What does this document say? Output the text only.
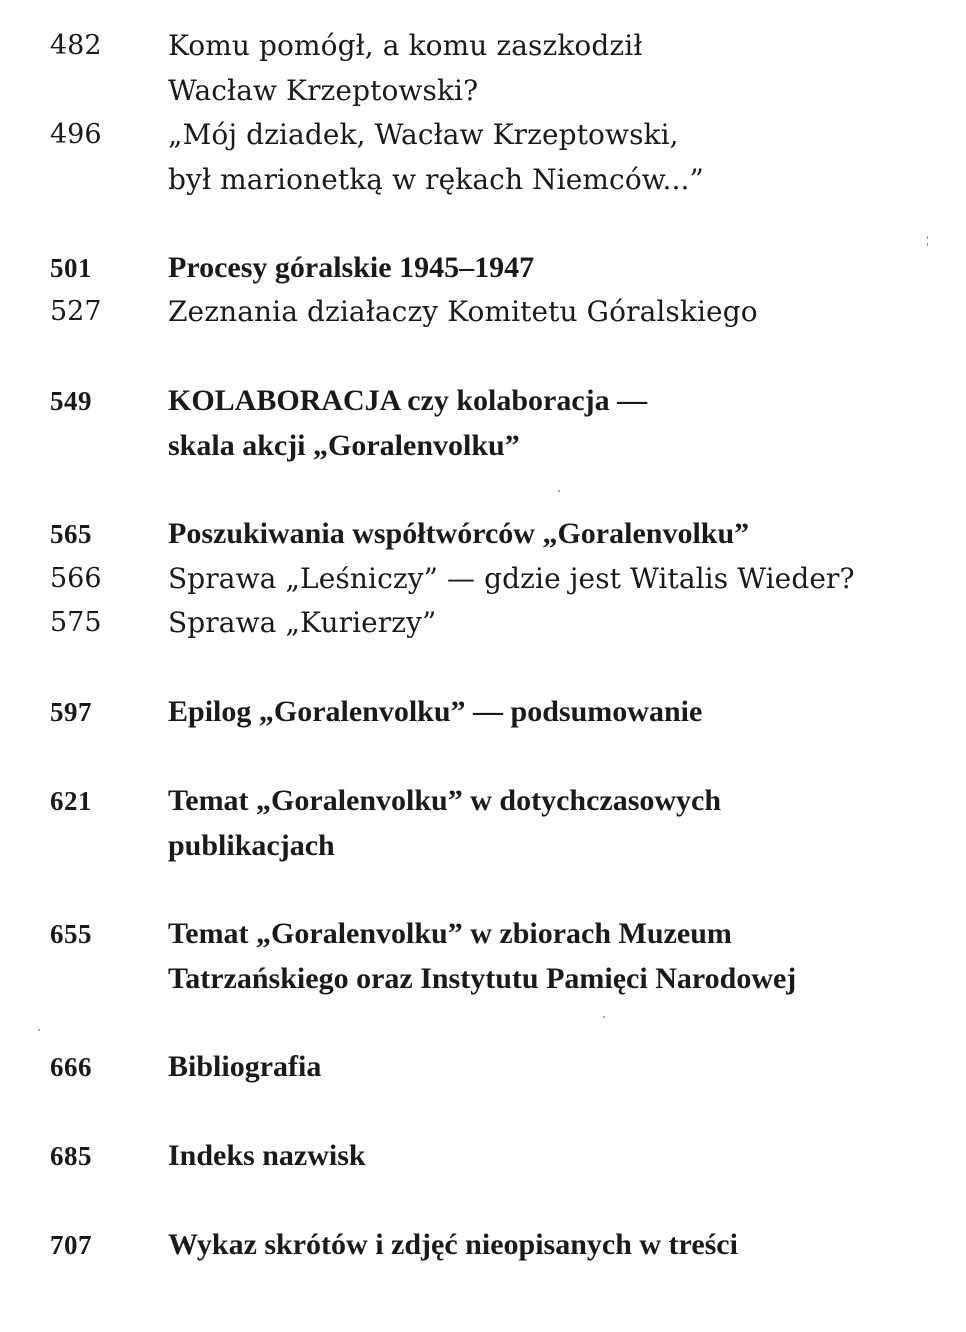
482	Komu pomógł, a komu zaszkodził
Wacław Krzeptowski?
496	„Mój dziadek, Wacław Krzeptowski,
był marionetką w rękach Niemców...”
501	Procesy góralskie 1945–1947
527	Zeznania działaczy Komitetu Góralskiego
549	KOLABORACJA czy kolaboracja —
skala akcji „Goralenvolku”
565	Poszukiwania współtwórców „Goralenvolku”
566	Sprawa „Leśniczy” — gdzie jest Witalis Wieder?
575	Sprawa „Kurierzy”
597	Epilog „Goralenvolku” — podsumowanie
621	Temat „Goralenvolku” w dotychczasowych
publikacjach
655	Temat „Goralenvolku” w zbiorach Muzeum
Tatrzańskiego oraz Instytutu Pamięci Narodowej
666	Bibliografia
685	Indeks nazwisk
707	Wykaz skrótów i zdjęć nieopisanych w treści
